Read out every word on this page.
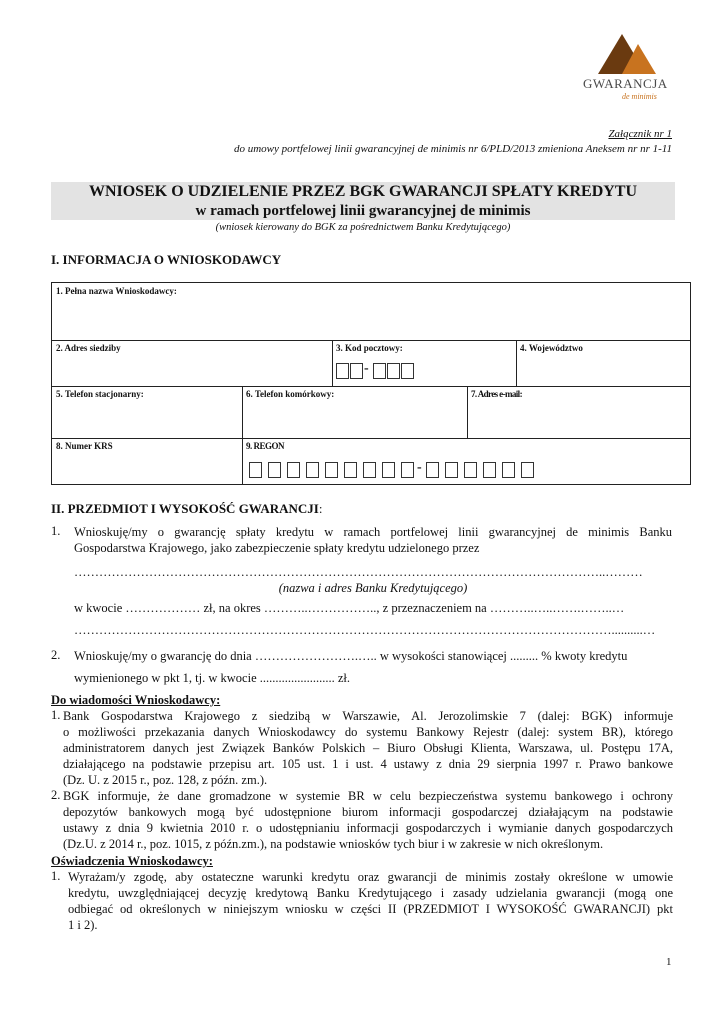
GWARANCJA
de minimis
Załącznik nr 1
do umowy portfelowej linii gwarancyjnej de minimis nr 6/PLD/2013 zmieniona Aneksem nr nr 1-11
WNIOSEK O UDZIELENIE PRZEZ BGK GWARANCJI SPŁATY KREDYTU
w ramach portfelowej linii gwarancyjnej de minimis
(wniosek kierowany do BGK za pośrednictwem Banku Kredytującego)
I. INFORMACJA O WNIOSKODAWCY
1. Pełna nazwa Wnioskodawcy:
2. Adres siedziby	3. Kod pocztowy:	4. Województwo
5. Telefon stacjonarny:	6. Telefon komórkowy:	7. Adres e-mail:
8. Numer KRS	9. REGON
-
-
II. PRZEDMIOT I WYSOKOŚĆ GWARANCJI:
1. Wnioskuję/my o gwarancję spłaty kredytu w ramach portfelowej linii gwarancyjnej de minimis Banku
Gospodarstwa Krajowego, jako zabezpieczenie spłaty kredytu udzielonego przez
………………………………………………………………………………………………………………..………
(nazwa i adres Banku Kredytującego)
w kwocie ……………… zł, na okres ………..…………….., z przeznaczeniem na ………..…..…….……..…
…………………………………………………………………………………………………………………..........…
2. Wnioskuję/my o gwarancję do dnia …………………….….. w wysokości stanowiącej ......... % kwoty kredytu
wymienionego w pkt 1, tj. w kwocie ........................ zł.
Do wiadomości Wnioskodawcy:
1. Bank Gospodarstwa Krajowego z siedzibą w Warszawie, Al. Jerozolimskie 7 (dalej: BGK) informuje
o możliwości przekazania danych Wnioskodawcy do systemu Bankowy Rejestr (dalej: system BR), którego
administratorem danych jest Związek Banków Polskich – Biuro Obsługi Klienta, Warszawa, ul. Postępu 17A,
działającego na podstawie przepisu art. 105 ust. 1 i ust. 4 ustawy z dnia 29 sierpnia 1997 r. Prawo bankowe
(Dz. U. z 2015 r., poz. 128, z późn. zm.).
2. BGK informuje, że dane gromadzone w systemie BR w celu bezpieczeństwa systemu bankowego i ochrony
depozytów bankowych mogą być udostępnione biurom informacji gospodarczej działającym na podstawie
ustawy z dnia 9 kwietnia 2010 r. o udostępnianiu informacji gospodarczych i wymianie danych gospodarczych
(Dz.U. z 2014 r., poz. 1015, z późn.zm.), na podstawie wniosków tych biur i w zakresie w nich określonym.
Oświadczenia Wnioskodawcy:
1. Wyrażam/y zgodę, aby ostateczne warunki kredytu oraz gwarancji de minimis zostały określone w umowie
kredytu, uwzględniającej decyzję kredytową Banku Kredytującego i zasady udzielania gwarancji (mogą one
odbiegać od określonych w niniejszym wniosku w części II (PRZEDMIOT I WYSOKOŚĆ GWARANCJI) pkt
1 i 2).
1
